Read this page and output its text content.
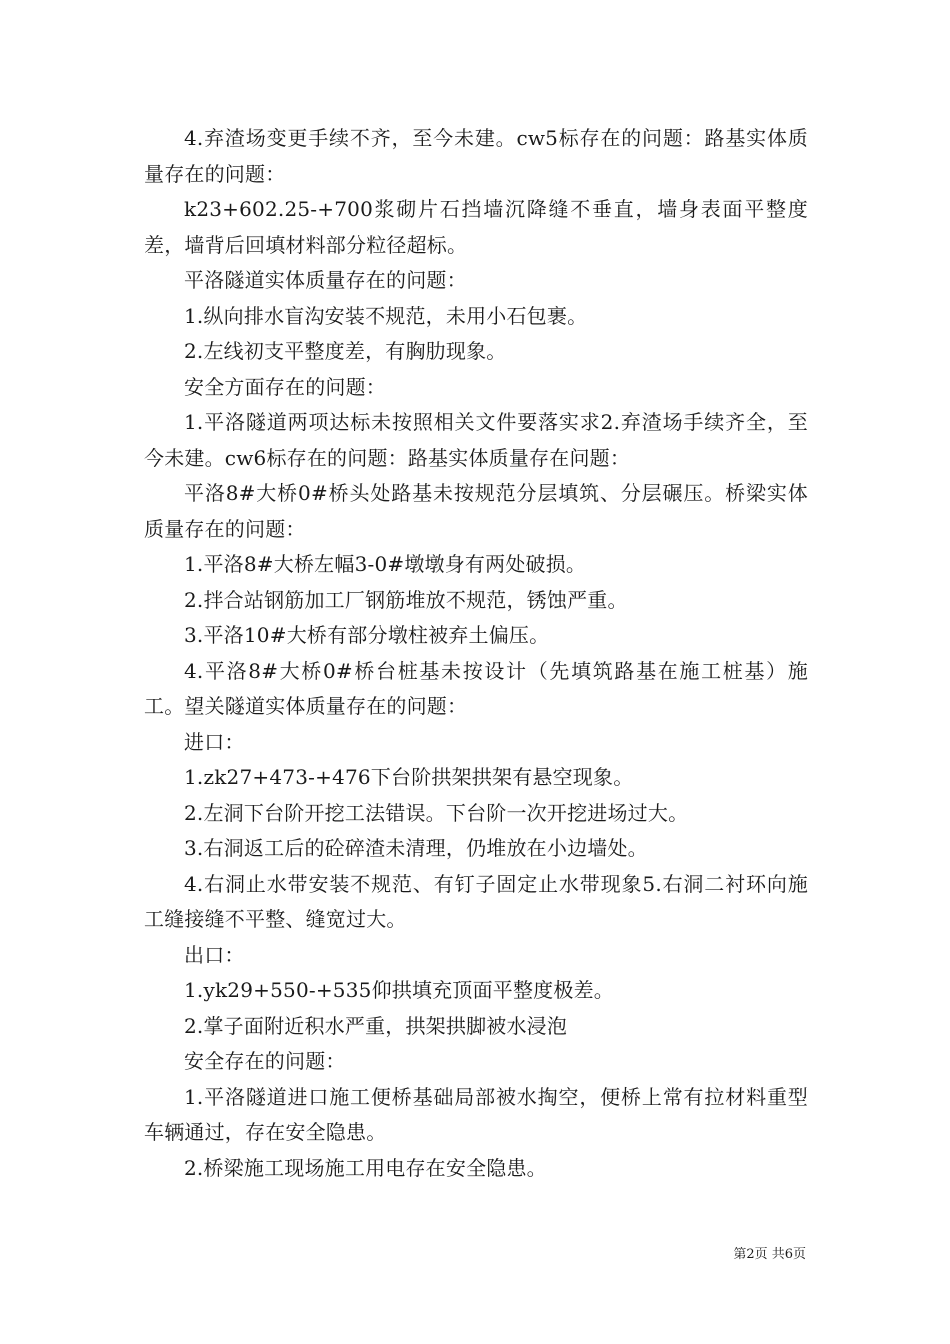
4.弃渣场变更手续不齐，至今未建。cw5标存在的问题：路基实体质量存在的问题：

k23+602.25-+700浆砌片石挡墙沉降缝不垂直，墙身表面平整度差，墙背后回填材料部分粒径超标。

平洛隧道实体质量存在的问题：

1.纵向排水盲沟安装不规范，未用小石包裹。

2.左线初支平整度差，有胸肋现象。

安全方面存在的问题：

1.平洛隧道两项达标未按照相关文件要落实求2.弃渣场手续齐全，至今未建。cw6标存在的问题：路基实体质量存在问题：

平洛8#大桥0#桥头处路基未按规范分层填筑、分层碾压。桥梁实体质量存在的问题：

1.平洛8#大桥左幅3-0#墩墩身有两处破损。

2.拌合站钢筋加工厂钢筋堆放不规范，锈蚀严重。

3.平洛10#大桥有部分墩柱被弃土偏压。

4.平洛8#大桥0#桥台桩基未按设计（先填筑路基在施工桩基）施工。望关隧道实体质量存在的问题：

进口：

1.zk27+473-+476下台阶拱架拱架有悬空现象。

2.左洞下台阶开挖工法错误。下台阶一次开挖进场过大。

3.右洞返工后的砼碎渣未清理，仍堆放在小边墙处。

4.右洞止水带安装不规范、有钉子固定止水带现象5.右洞二衬环向施工缝接缝不平整、缝宽过大。

出口：

1.yk29+550-+535仰拱填充顶面平整度极差。

2.掌子面附近积水严重，拱架拱脚被水浸泡

安全存在的问题：

1.平洛隧道进口施工便桥基础局部被水掏空，便桥上常有拉材料重型车辆通过，存在安全隐患。

2.桥梁施工现场施工用电存在安全隐患。

第2页 共6页
